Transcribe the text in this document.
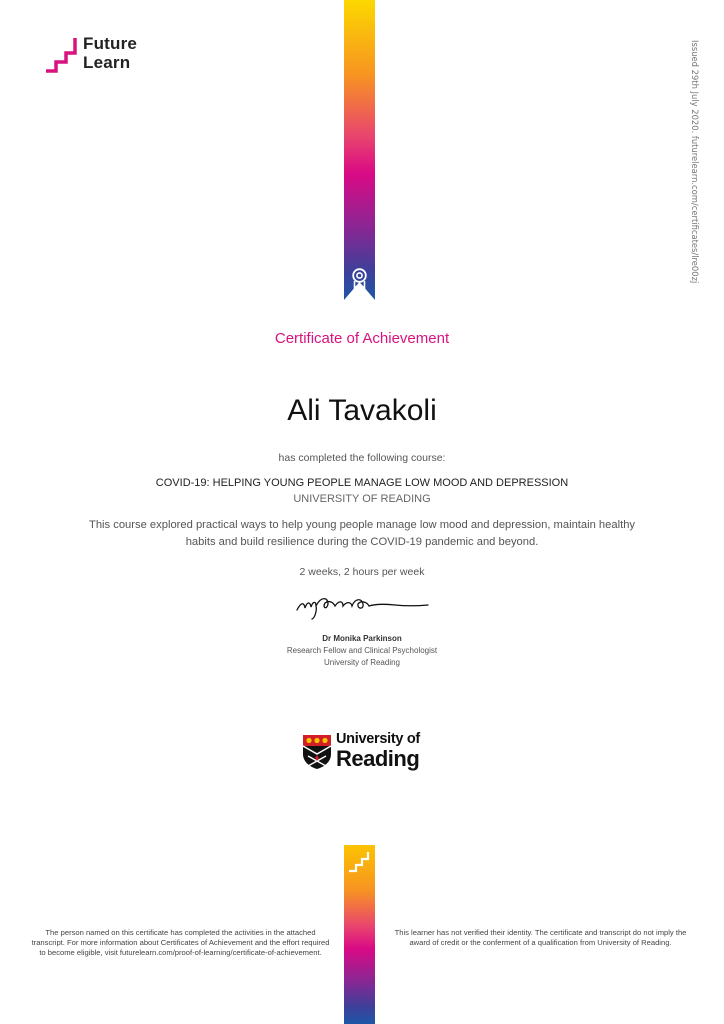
Future
Learn	Issued 29th July 2020. futurelearn.com/certificates/lre00zj
Certificate of Achievement
Ali Tavakoli
has completed the following course:
COVID-19: HELPING YOUNG PEOPLE MANAGE LOW MOOD AND DEPRESSION
UNIVERSITY OF READING
This course explored practical ways to help young people manage low mood and depression, maintain healthy habits and build resilience during the COVID-19 pandemic and beyond.
2 weeks, 2 hours per week
Dr Monika Parkinson
Research Fellow and Clinical Psychologist
University of Reading
University of
Reading
The person named on this certificate has completed the activities in the attached transcript. For more information about Certificates of Achievement and the effort required to become eligible, visit futurelearn.com/proof-of-learning/certificate-of-achievement.
This learner has not verified their identity. The certificate and transcript do not imply the award of credit or the conferment of a qualification from University of Reading.
